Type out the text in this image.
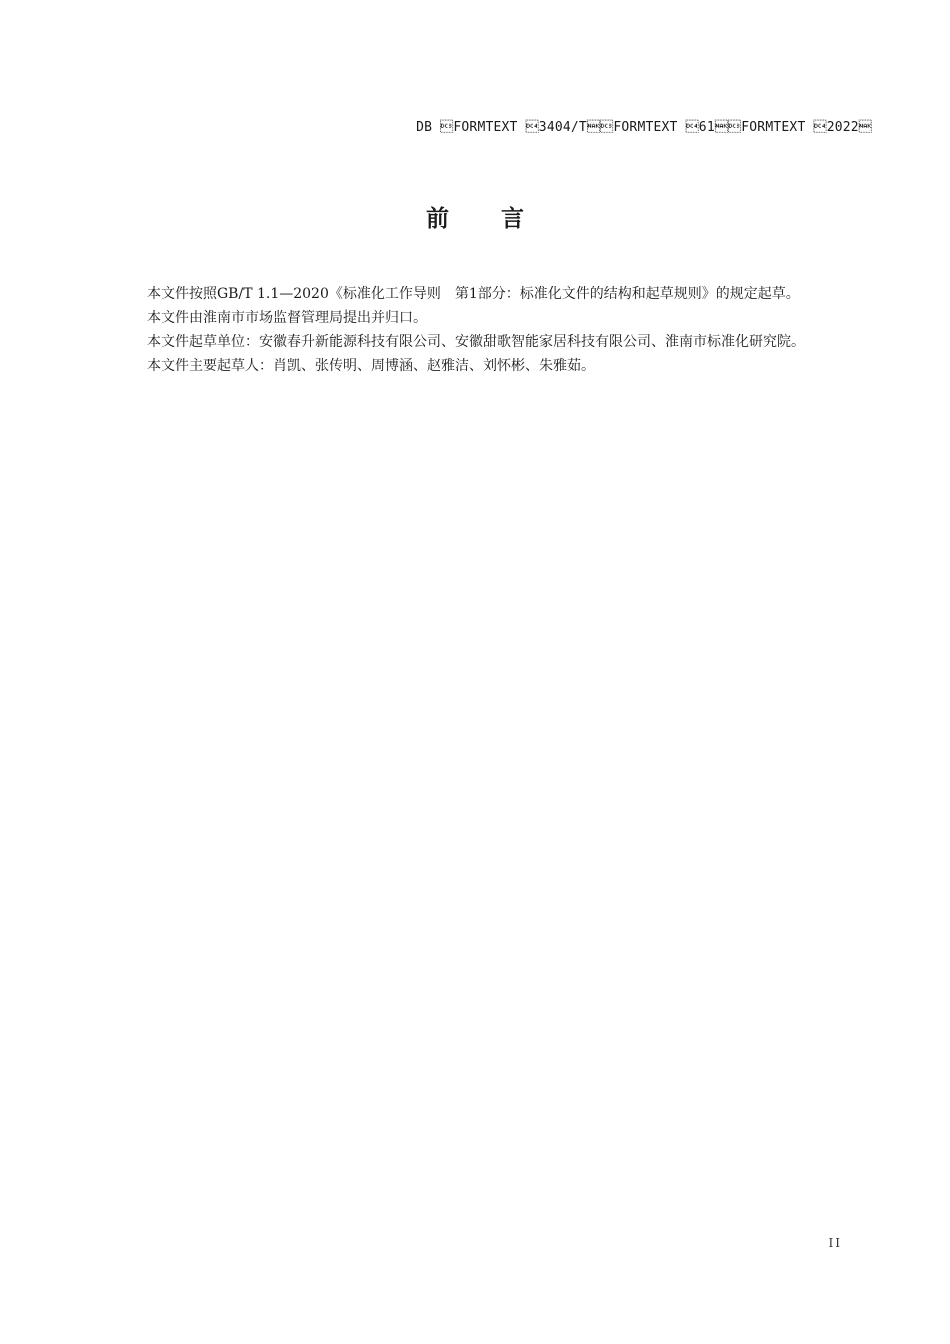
DB FORMTEXT 3404/TFORMTEXT 61FORMTEXT 2022
前 言

本文件按照GB/T 1.1—2020《标准化工作导则　第1部分：标准化文件的结构和起草规则》的规定起草。

本文件由淮南市市场监督管理局提出并归口。

本文件起草单位：安徽春升新能源科技有限公司、安徽甜歌智能家居科技有限公司、淮南市标准化研究院。

本文件主要起草人：肖凯、张传明、周博涵、赵雅洁、刘怀彬、朱雅茹。

II
